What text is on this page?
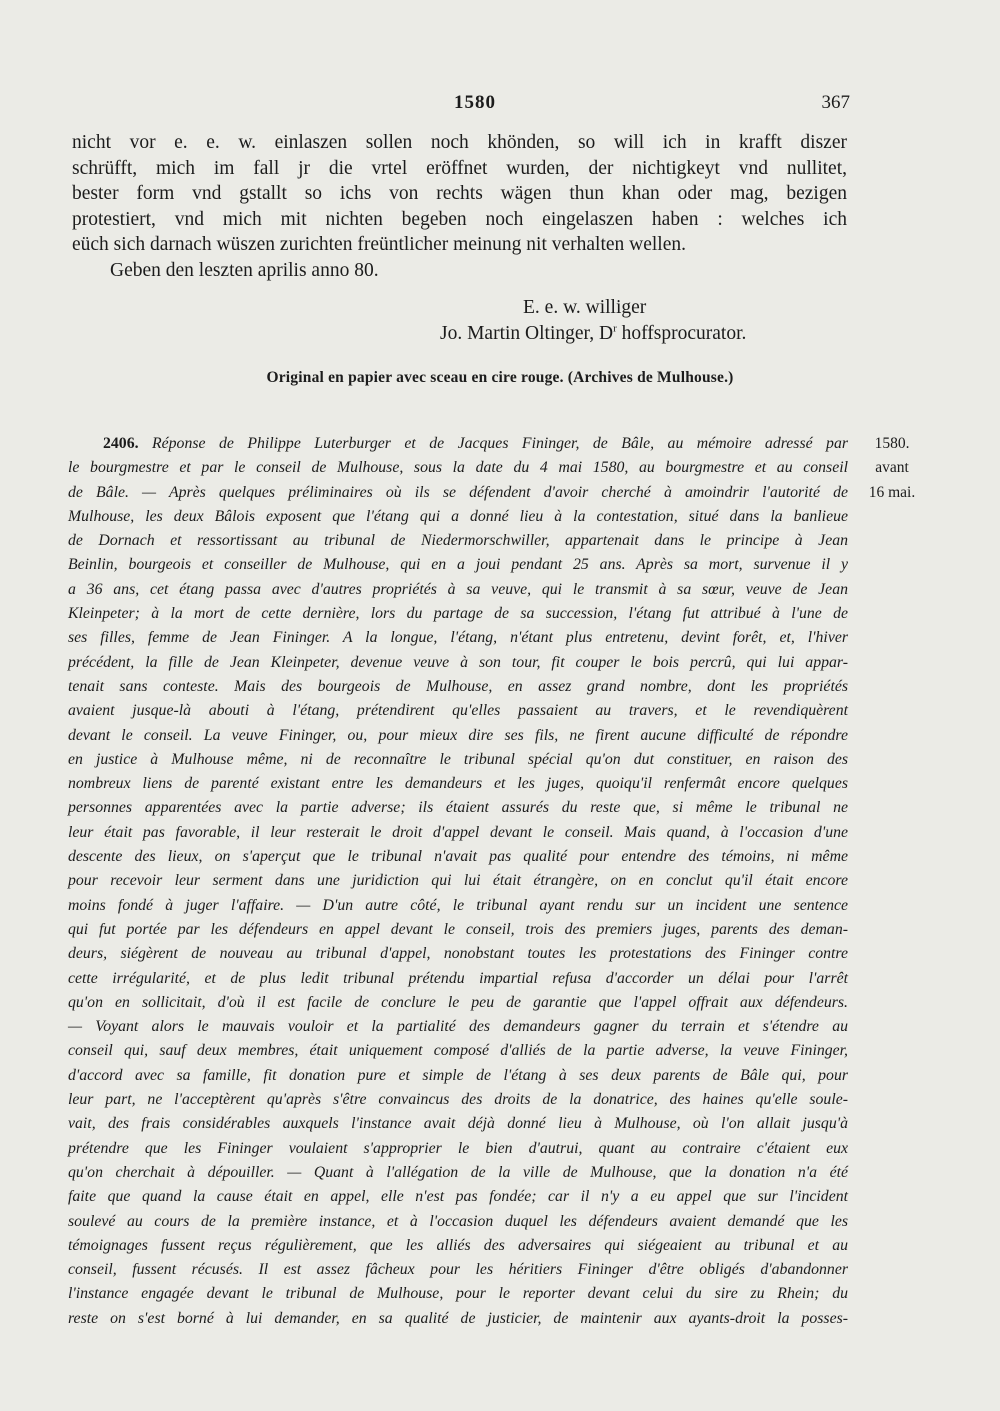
1580	367
nicht vor e. e. w. einlaszen sollen noch khönden, so will ich in krafft diszer
schrüfft, mich im fall jr die vrtel eröffnet wurden, der nichtigkeyt vnd nullitet,
bester form vnd gstallt so ichs von rechts wägen thun khan oder mag, bezigen
protestiert, vnd mich mit nichten begeben noch eingelaszen haben : welches ich
eüch sich darnach wüszen zurichten freüntlicher meinung nit verhalten wellen.
Geben den leszten aprilis anno 80.
E. e. w. williger
Jo. Martin Oltinger, $D^r$ hoffsprocurator.
Original en papier avec sceau en cire rouge. (Archives de Mulhouse.)
2406. Réponse de Philippe Luterburger et de Jacques Fininger, de Bâle, au mémoire adressé par
le bourgmestre et par le conseil de Mulhouse, sous la date du 4 mai 1580, au bourgmestre et au conseil
de Bâle. — Après quelques préliminaires où ils se défendent d'avoir cherché à amoindrir l'autorité de
Mulhouse, les deux Bâlois exposent que l'étang qui a donné lieu à la contestation, situé dans la banlieue
de Dornach et ressortissant au tribunal de Niedermorschwiller, appartenait dans le principe à Jean
Beinlin, bourgeois et conseiller de Mulhouse, qui en a joui pendant 25 ans. Après sa mort, survenue il y
a 36 ans, cet étang passa avec d'autres propriétés à sa veuve, qui le transmit à sa sœur, veuve de Jean
Kleinpeter; à la mort de cette dernière, lors du partage de sa succession, l'étang fut attribué à l'une de
ses filles, femme de Jean Fininger. A la longue, l'étang, n'étant plus entretenu, devint forêt, et, l'hiver
précédent, la fille de Jean Kleinpeter, devenue veuve à son tour, fit couper le bois percrû, qui lui appar-
tenait sans conteste. Mais des bourgeois de Mulhouse, en assez grand nombre, dont les propriétés
avaient jusque-là abouti à l'étang, prétendirent qu'elles passaient au travers, et le revendiquèrent
devant le conseil. La veuve Fininger, ou, pour mieux dire ses fils, ne firent aucune difficulté de répondre
en justice à Mulhouse même, ni de reconnaître le tribunal spécial qu'on dut constituer, en raison des
nombreux liens de parenté existant entre les demandeurs et les juges, quoiqu'il renfermât encore quelques
personnes apparentées avec la partie adverse; ils étaient assurés du reste que, si même le tribunal ne
leur était pas favorable, il leur resterait le droit d'appel devant le conseil. Mais quand, à l'occasion d'une
descente des lieux, on s'aperçut que le tribunal n'avait pas qualité pour entendre des témoins, ni même
pour recevoir leur serment dans une juridiction qui lui était étrangère, on en conclut qu'il était encore
moins fondé à juger l'affaire. — D'un autre côté, le tribunal ayant rendu sur un incident une sentence
qui fut portée par les défendeurs en appel devant le conseil, trois des premiers juges, parents des deman-
deurs, siégèrent de nouveau au tribunal d'appel, nonobstant toutes les protestations des Fininger contre
cette irrégularité, et de plus ledit tribunal prétendu impartial refusa d'accorder un délai pour l'arrêt
qu'on en sollicitait, d'où il est facile de conclure le peu de garantie que l'appel offrait aux défendeurs.
— Voyant alors le mauvais vouloir et la partialité des demandeurs gagner du terrain et s'étendre au
conseil qui, sauf deux membres, était uniquement composé d'alliés de la partie adverse, la veuve Fininger,
d'accord avec sa famille, fit donation pure et simple de l'étang à ses deux parents de Bâle qui, pour
leur part, ne l'acceptèrent qu'après s'être convaincus des droits de la donatrice, des haines qu'elle soule-
vait, des frais considérables auxquels l'instance avait déjà donné lieu à Mulhouse, où l'on allait jusqu'à
prétendre que les Fininger voulaient s'approprier le bien d'autrui, quant au contraire c'étaient eux
qu'on cherchait à dépouiller. — Quant à l'allégation de la ville de Mulhouse, que la donation n'a été
faite que quand la cause était en appel, elle n'est pas fondée; car il n'y a eu appel que sur l'incident
soulevé au cours de la première instance, et à l'occasion duquel les défendeurs avaient demandé que les
témoignages fussent reçus régulièrement, que les alliés des adversaires qui siégeaient au tribunal et au
conseil, fussent récusés. Il est assez fâcheux pour les héritiers Fininger d'être obligés d'abandonner
l'instance engagée devant le tribunal de Mulhouse, pour le reporter devant celui du sire zu Rhein; du
reste on s'est borné à lui demander, en sa qualité de justicier, de maintenir aux ayants-droit la posses-
1580.
avant
16 mai.
